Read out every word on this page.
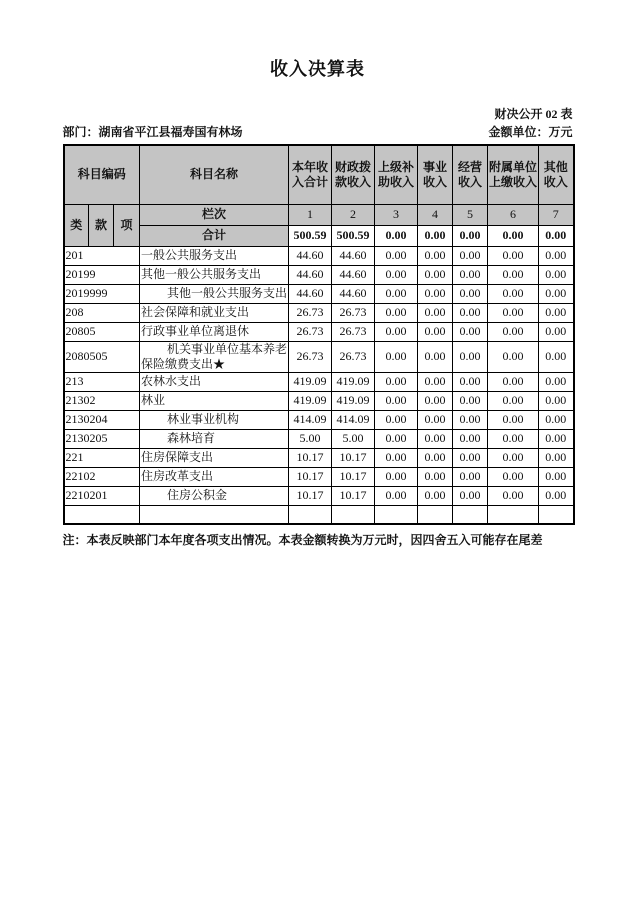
收入决算表
财决公开 02 表
部门：湖南省平江县福寿国有林场	金额单位：万元
科目编码			科目名称	本年收入合计	财政拨款收入	上级补助收入	事业收入	经营收入	附属单位上缴收入	其他收入
类	款	项	栏次	1	2	3	4	5	6	7
			合计	500.59	500.59	0.00	0.00	0.00	0.00	0.00
201			一般公共服务支出	44.60	44.60	0.00	0.00	0.00	0.00	0.00
20199			其他一般公共服务支出	44.60	44.60	0.00	0.00	0.00	0.00	0.00
2019999			其他一般公共服务支出	44.60	44.60	0.00	0.00	0.00	0.00	0.00
208			社会保障和就业支出	26.73	26.73	0.00	0.00	0.00	0.00	0.00
20805			行政事业单位离退休	26.73	26.73	0.00	0.00	0.00	0.00	0.00
2080505			机关事业单位基本养老保险缴费支出★	26.73	26.73	0.00	0.00	0.00	0.00	0.00
213			农林水支出	419.09	419.09	0.00	0.00	0.00	0.00	0.00
21302			林业	419.09	419.09	0.00	0.00	0.00	0.00	0.00
2130204			林业事业机构	414.09	414.09	0.00	0.00	0.00	0.00	0.00
2130205			森林培育	5.00	5.00	0.00	0.00	0.00	0.00	0.00
221			住房保障支出	10.17	10.17	0.00	0.00	0.00	0.00	0.00
22102			住房改革支出	10.17	10.17	0.00	0.00	0.00	0.00	0.00
2210201			住房公积金	10.17	10.17	0.00	0.00	0.00	0.00	0.00

注：本表反映部门本年度各项支出情况。本表金额转换为万元时，因四舍五入可能存在尾差
